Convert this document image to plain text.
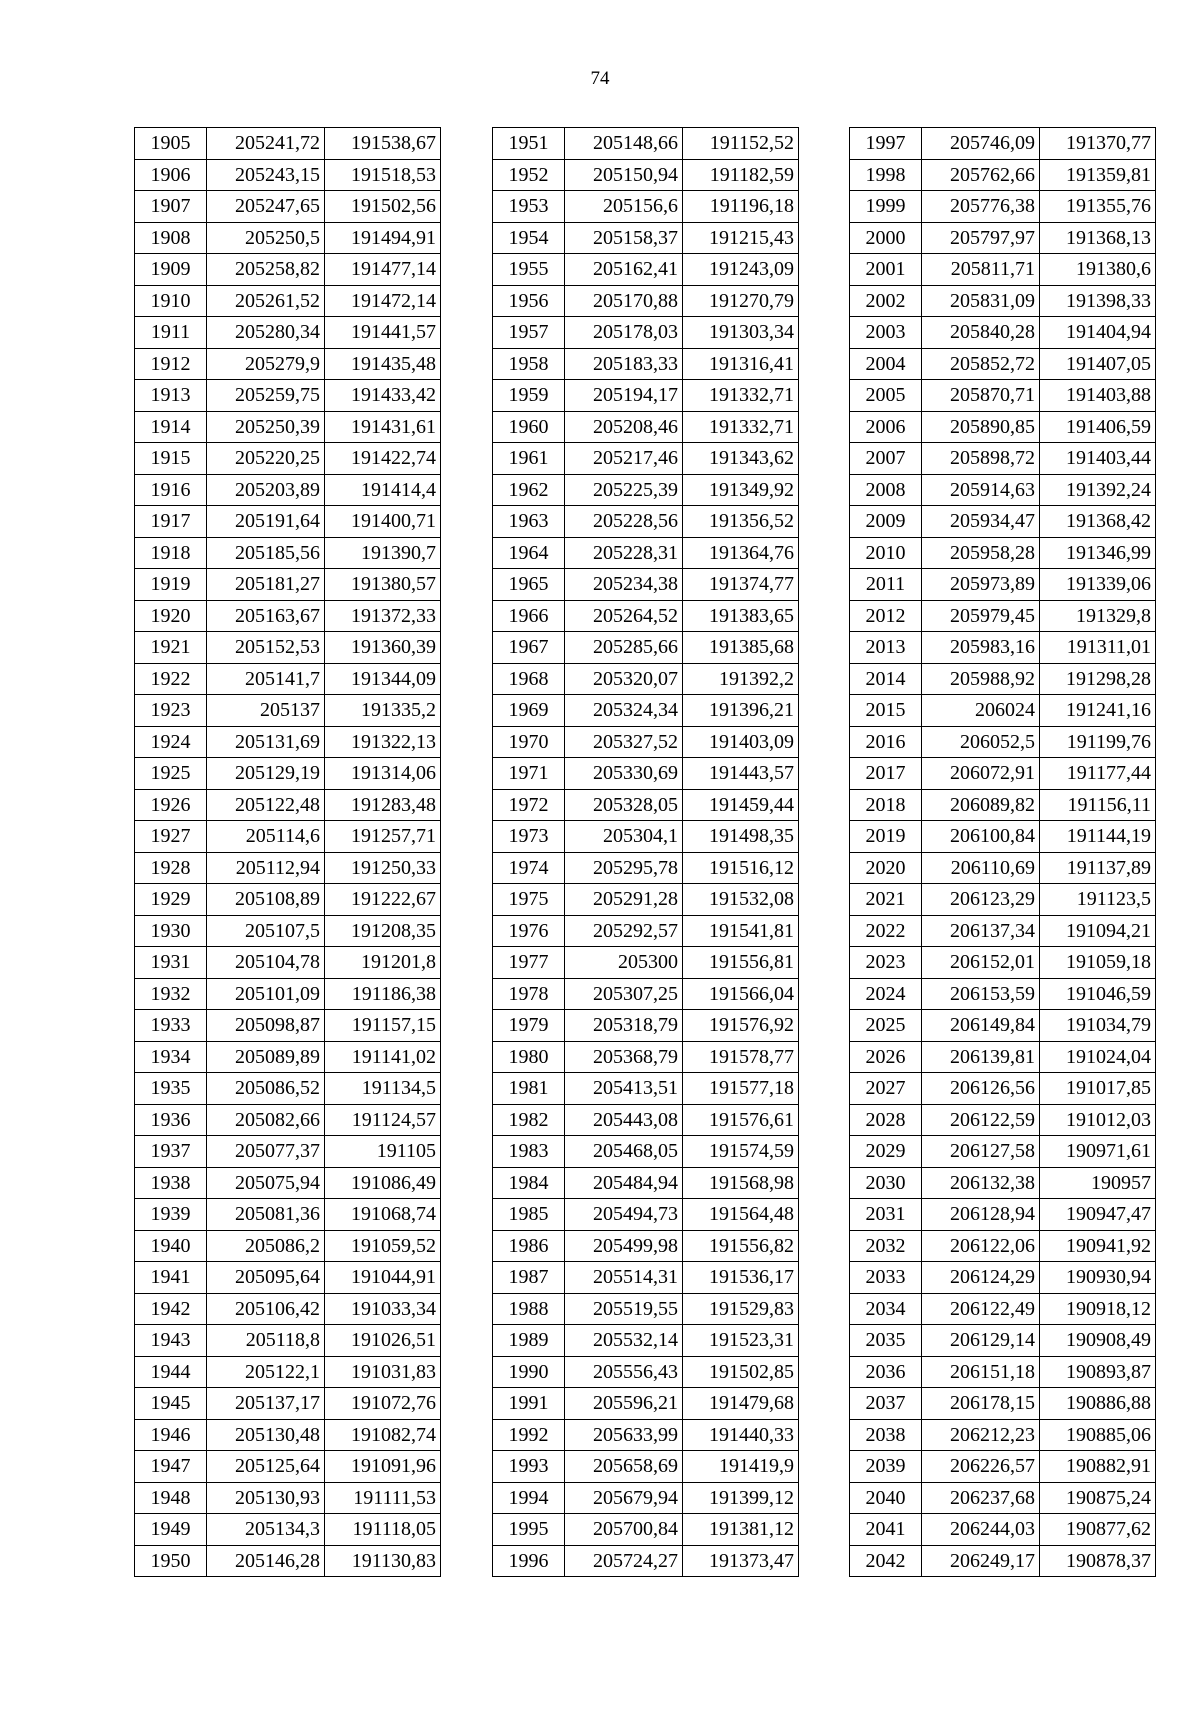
74
1905	205241,72	191538,67
1906	205243,15	191518,53
1907	205247,65	191502,56
1908	205250,5	191494,91
1909	205258,82	191477,14
1910	205261,52	191472,14
1911	205280,34	191441,57
1912	205279,9	191435,48
1913	205259,75	191433,42
1914	205250,39	191431,61
1915	205220,25	191422,74
1916	205203,89	191414,4
1917	205191,64	191400,71
1918	205185,56	191390,7
1919	205181,27	191380,57
1920	205163,67	191372,33
1921	205152,53	191360,39
1922	205141,7	191344,09
1923	205137	191335,2
1924	205131,69	191322,13
1925	205129,19	191314,06
1926	205122,48	191283,48
1927	205114,6	191257,71
1928	205112,94	191250,33
1929	205108,89	191222,67
1930	205107,5	191208,35
1931	205104,78	191201,8
1932	205101,09	191186,38
1933	205098,87	191157,15
1934	205089,89	191141,02
1935	205086,52	191134,5
1936	205082,66	191124,57
1937	205077,37	191105
1938	205075,94	191086,49
1939	205081,36	191068,74
1940	205086,2	191059,52
1941	205095,64	191044,91
1942	205106,42	191033,34
1943	205118,8	191026,51
1944	205122,1	191031,83
1945	205137,17	191072,76
1946	205130,48	191082,74
1947	205125,64	191091,96
1948	205130,93	191111,53
1949	205134,3	191118,05
1950	205146,28	191130,83
1951	205148,66	191152,52
1952	205150,94	191182,59
1953	205156,6	191196,18
1954	205158,37	191215,43
1955	205162,41	191243,09
1956	205170,88	191270,79
1957	205178,03	191303,34
1958	205183,33	191316,41
1959	205194,17	191332,71
1960	205208,46	191332,71
1961	205217,46	191343,62
1962	205225,39	191349,92
1963	205228,56	191356,52
1964	205228,31	191364,76
1965	205234,38	191374,77
1966	205264,52	191383,65
1967	205285,66	191385,68
1968	205320,07	191392,2
1969	205324,34	191396,21
1970	205327,52	191403,09
1971	205330,69	191443,57
1972	205328,05	191459,44
1973	205304,1	191498,35
1974	205295,78	191516,12
1975	205291,28	191532,08
1976	205292,57	191541,81
1977	205300	191556,81
1978	205307,25	191566,04
1979	205318,79	191576,92
1980	205368,79	191578,77
1981	205413,51	191577,18
1982	205443,08	191576,61
1983	205468,05	191574,59
1984	205484,94	191568,98
1985	205494,73	191564,48
1986	205499,98	191556,82
1987	205514,31	191536,17
1988	205519,55	191529,83
1989	205532,14	191523,31
1990	205556,43	191502,85
1991	205596,21	191479,68
1992	205633,99	191440,33
1993	205658,69	191419,9
1994	205679,94	191399,12
1995	205700,84	191381,12
1996	205724,27	191373,47
1997	205746,09	191370,77
1998	205762,66	191359,81
1999	205776,38	191355,76
2000	205797,97	191368,13
2001	205811,71	191380,6
2002	205831,09	191398,33
2003	205840,28	191404,94
2004	205852,72	191407,05
2005	205870,71	191403,88
2006	205890,85	191406,59
2007	205898,72	191403,44
2008	205914,63	191392,24
2009	205934,47	191368,42
2010	205958,28	191346,99
2011	205973,89	191339,06
2012	205979,45	191329,8
2013	205983,16	191311,01
2014	205988,92	191298,28
2015	206024	191241,16
2016	206052,5	191199,76
2017	206072,91	191177,44
2018	206089,82	191156,11
2019	206100,84	191144,19
2020	206110,69	191137,89
2021	206123,29	191123,5
2022	206137,34	191094,21
2023	206152,01	191059,18
2024	206153,59	191046,59
2025	206149,84	191034,79
2026	206139,81	191024,04
2027	206126,56	191017,85
2028	206122,59	191012,03
2029	206127,58	190971,61
2030	206132,38	190957
2031	206128,94	190947,47
2032	206122,06	190941,92
2033	206124,29	190930,94
2034	206122,49	190918,12
2035	206129,14	190908,49
2036	206151,18	190893,87
2037	206178,15	190886,88
2038	206212,23	190885,06
2039	206226,57	190882,91
2040	206237,68	190875,24
2041	206244,03	190877,62
2042	206249,17	190878,37
